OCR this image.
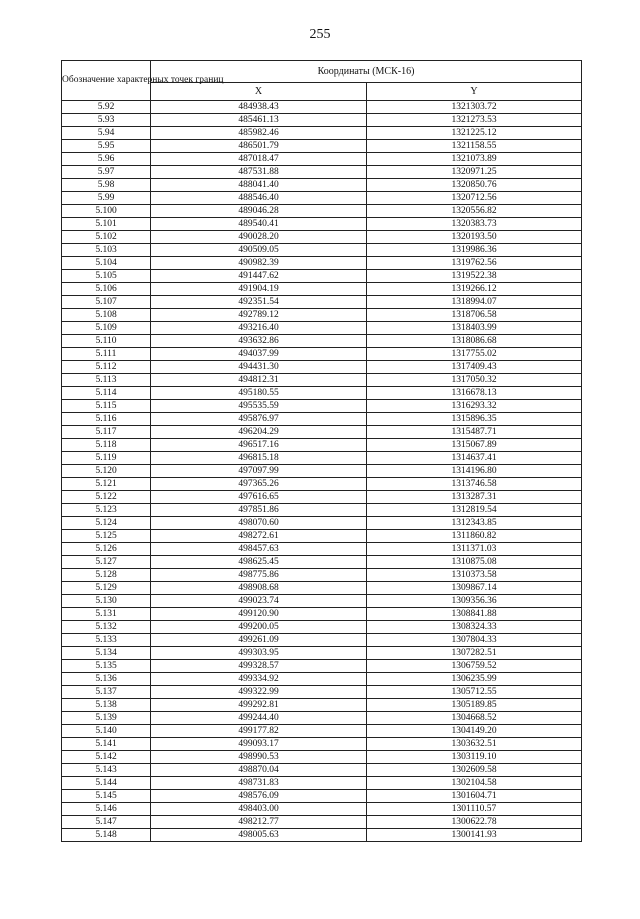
255
Обозначение характерных точек границ	Координаты (МСК-16)	
	X	Y
5.92	484938.43	1321303.72
5.93	485461.13	1321273.53
5.94	485982.46	1321225.12
5.95	486501.79	1321158.55
5.96	487018.47	1321073.89
5.97	487531.88	1320971.25
5.98	488041.40	1320850.76
5.99	488546.40	1320712.56
5.100	489046.28	1320556.82
5.101	489540.41	1320383.73
5.102	490028.20	1320193.50
5.103	490509.05	1319986.36
5.104	490982.39	1319762.56
5.105	491447.62	1319522.38
5.106	491904.19	1319266.12
5.107	492351.54	1318994.07
5.108	492789.12	1318706.58
5.109	493216.40	1318403.99
5.110	493632.86	1318086.68
5.111	494037.99	1317755.02
5.112	494431.30	1317409.43
5.113	494812.31	1317050.32
5.114	495180.55	1316678.13
5.115	495535.59	1316293.32
5.116	495876.97	1315896.35
5.117	496204.29	1315487.71
5.118	496517.16	1315067.89
5.119	496815.18	1314637.41
5.120	497097.99	1314196.80
5.121	497365.26	1313746.58
5.122	497616.65	1313287.31
5.123	497851.86	1312819.54
5.124	498070.60	1312343.85
5.125	498272.61	1311860.82
5.126	498457.63	1311371.03
5.127	498625.45	1310875.08
5.128	498775.86	1310373.58
5.129	498908.68	1309867.14
5.130	499023.74	1309356.36
5.131	499120.90	1308841.88
5.132	499200.05	1308324.33
5.133	499261.09	1307804.33
5.134	499303.95	1307282.51
5.135	499328.57	1306759.52
5.136	499334.92	1306235.99
5.137	499322.99	1305712.55
5.138	499292.81	1305189.85
5.139	499244.40	1304668.52
5.140	499177.82	1304149.20
5.141	499093.17	1303632.51
5.142	498990.53	1303119.10
5.143	498870.04	1302609.58
5.144	498731.83	1302104.58
5.145	498576.09	1301604.71
5.146	498403.00	1301110.57
5.147	498212.77	1300622.78
5.148	498005.63	1300141.93
